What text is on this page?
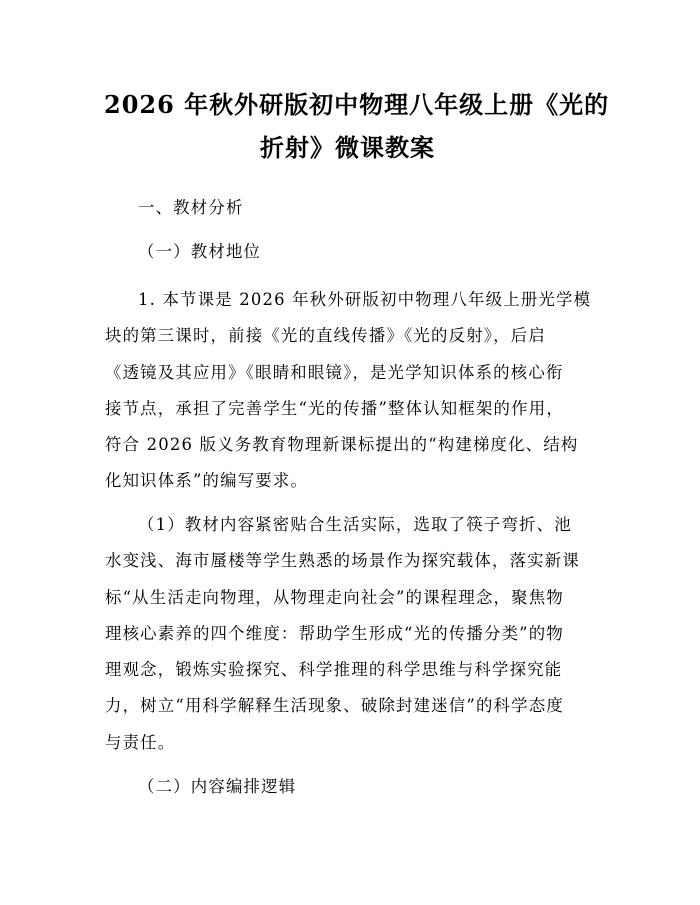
2026 年秋外研版初中物理八年级上册《光的
折射》微课教案
一、教材分析
（一）教材地位
1. 本节课是 2026 年秋外研版初中物理八年级上册光学模
块的第三课时，前接《光的直线传播》《光的反射》，后启
《透镜及其应用》《眼睛和眼镜》，是光学知识体系的核心衔
接节点，承担了完善学生“光的传播”整体认知框架的作用，
符合 2026 版义务教育物理新课标提出的“构建梯度化、结构
化知识体系”的编写要求。
（1）教材内容紧密贴合生活实际，选取了筷子弯折、池
水变浅、海市蜃楼等学生熟悉的场景作为探究载体，落实新课
标“从生活走向物理，从物理走向社会”的课程理念，聚焦物
理核心素养的四个维度：帮助学生形成“光的传播分类”的物
理观念，锻炼实验探究、科学推理的科学思维与科学探究能
力，树立“用科学解释生活现象、破除封建迷信”的科学态度
与责任。
（二）内容编排逻辑
